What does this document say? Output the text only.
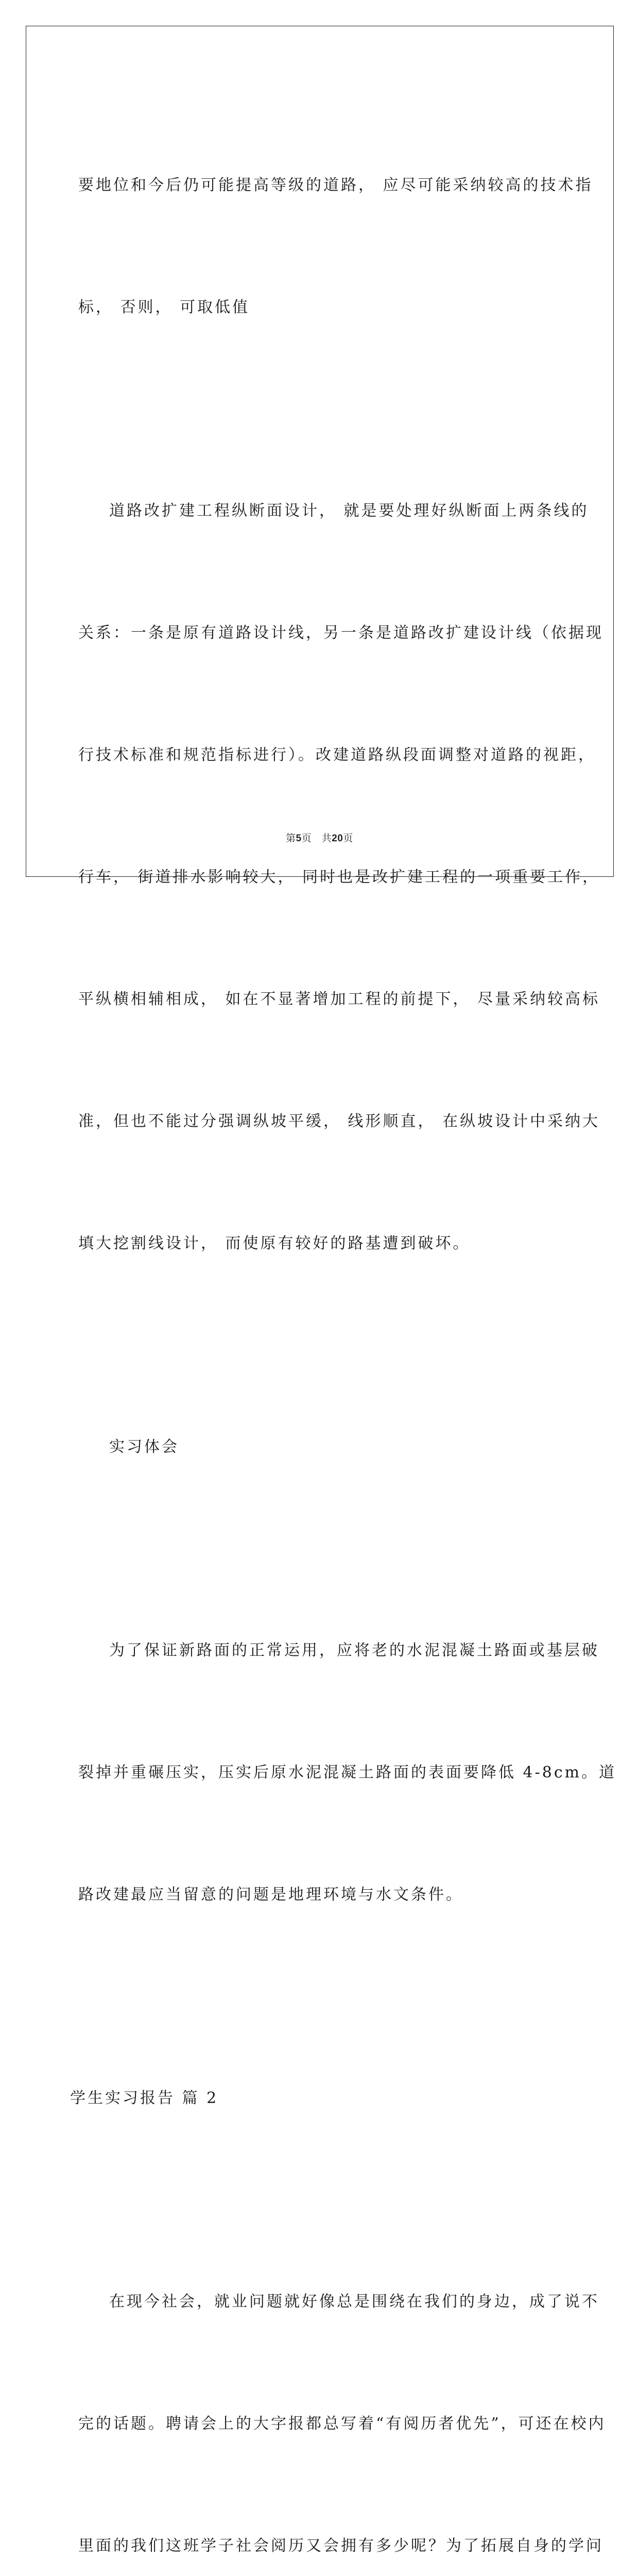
要地位和今后仍可能提高等级的道路， 应尽可能采纳较高的技术指

标， 否则， 可取低值

道路改扩建工程纵断面设计， 就是要处理好纵断面上两条线的

关系：一条是原有道路设计线，另一条是道路改扩建设计线（依据现

行技术标准和规范指标进行）。改建道路纵段面调整对道路的视距，

行车， 街道排水影响较大， 同时也是改扩建工程的一项重要工作，

平纵横相辅相成， 如在不显著增加工程的前提下， 尽量采纳较高标

准，但也不能过分强调纵坡平缓， 线形顺直， 在纵坡设计中采纳大

填大挖割线设计， 而使原有较好的路基遭到破坏。

实习体会

为了保证新路面的正常运用，应将老的水泥混凝土路面或基层破

裂掉并重碾压实，压实后原水泥混凝土路面的表面要降低 4-8cm。道

路改建最应当留意的问题是地理环境与水文条件。

学生实习报告 篇 2

在现今社会，就业问题就好像总是围绕在我们的身边，成了说不

完的话题。聘请会上的大字报都总写着“有阅历者优先”，可还在校内

里面的我们这班学子社会阅历又会拥有多少呢？为了拓展自身的学问

第5页　共20页
